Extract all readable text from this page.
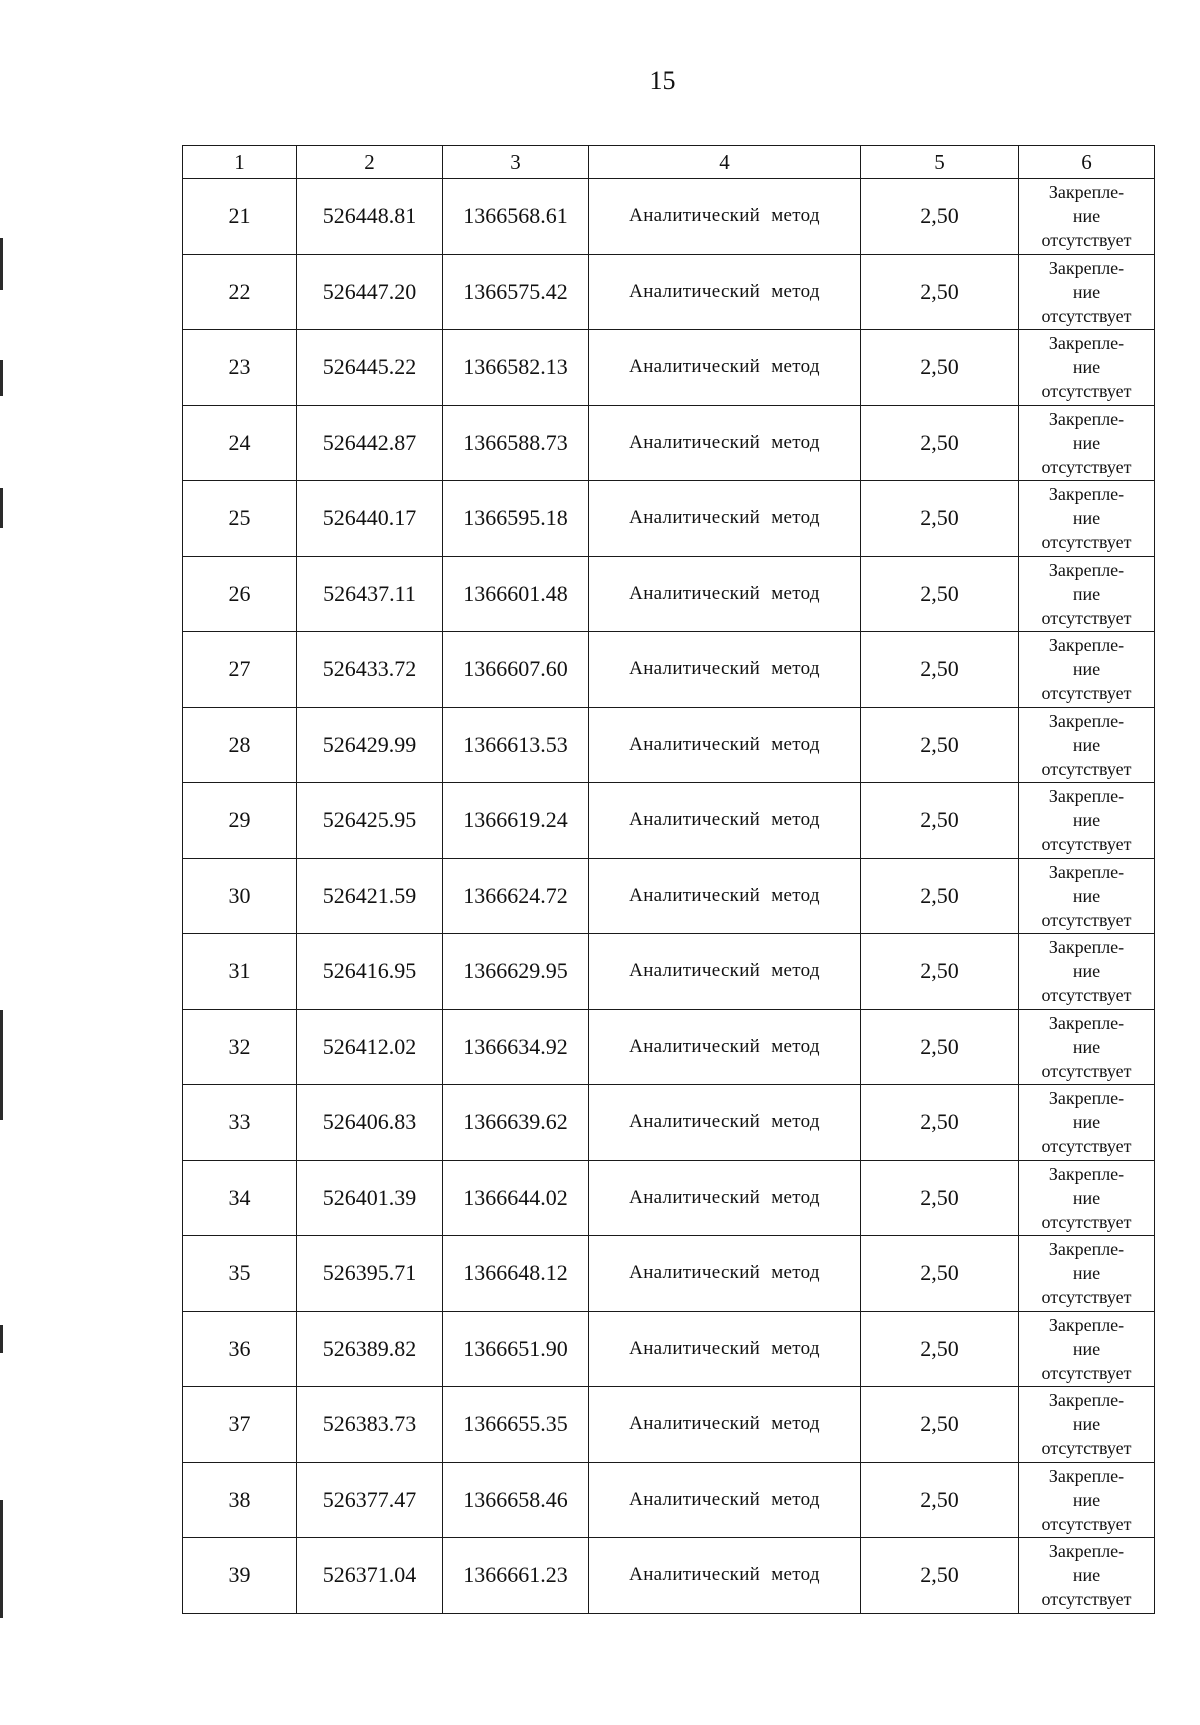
15
1	2	3	4	5	6
21	526448.81	1366568.61	Аналитический метод	2,50	Закрепле-
ние
отсутствует

22	526447.20	1366575.42	Аналитический метод	2,50	Закрепле-
ние
отсутствует

23	526445.22	1366582.13	Аналитический метод	2,50	Закрепле-
ние
отсутствует

24	526442.87	1366588.73	Аналитический метод	2,50	Закрепле-
ние
отсутствует

25	526440.17	1366595.18	Аналитический метод	2,50	Закрепле-
ние
отсутствует

26	526437.11	1366601.48	Аналитический метод	2,50	Закрепле-
пие
отсутствует

27	526433.72	1366607.60	Аналитический метод	2,50	Закрепле-
ние
отсутствует

28	526429.99	1366613.53	Аналитический метод	2,50	Закрепле-
ние
отсутствует

29	526425.95	1366619.24	Аналитический метод	2,50	Закрепле-
ние
отсутствует

30	526421.59	1366624.72	Аналитический метод	2,50	Закрепле-
ние
отсутствует

31	526416.95	1366629.95	Аналитический метод	2,50	Закрепле-
ние
отсутствует

32	526412.02	1366634.92	Аналитический метод	2,50	Закрепле-
ние
отсутствует

33	526406.83	1366639.62	Аналитический метод	2,50	Закрепле-
ние
отсутствует

34	526401.39	1366644.02	Аналитический метод	2,50	Закрепле-
ние
отсутствует

35	526395.71	1366648.12	Аналитический метод	2,50	Закрепле-
ние
отсутствует

36	526389.82	1366651.90	Аналитический метод	2,50	Закрепле-
ние
отсутствует

37	526383.73	1366655.35	Аналитический метод	2,50	Закрепле-
ние
отсутствует

38	526377.47	1366658.46	Аналитический метод	2,50	Закрепле-
ние
отсутствует

39	526371.04	1366661.23	Аналитический метод	2,50	Закрепле-
ние
отсутствует
